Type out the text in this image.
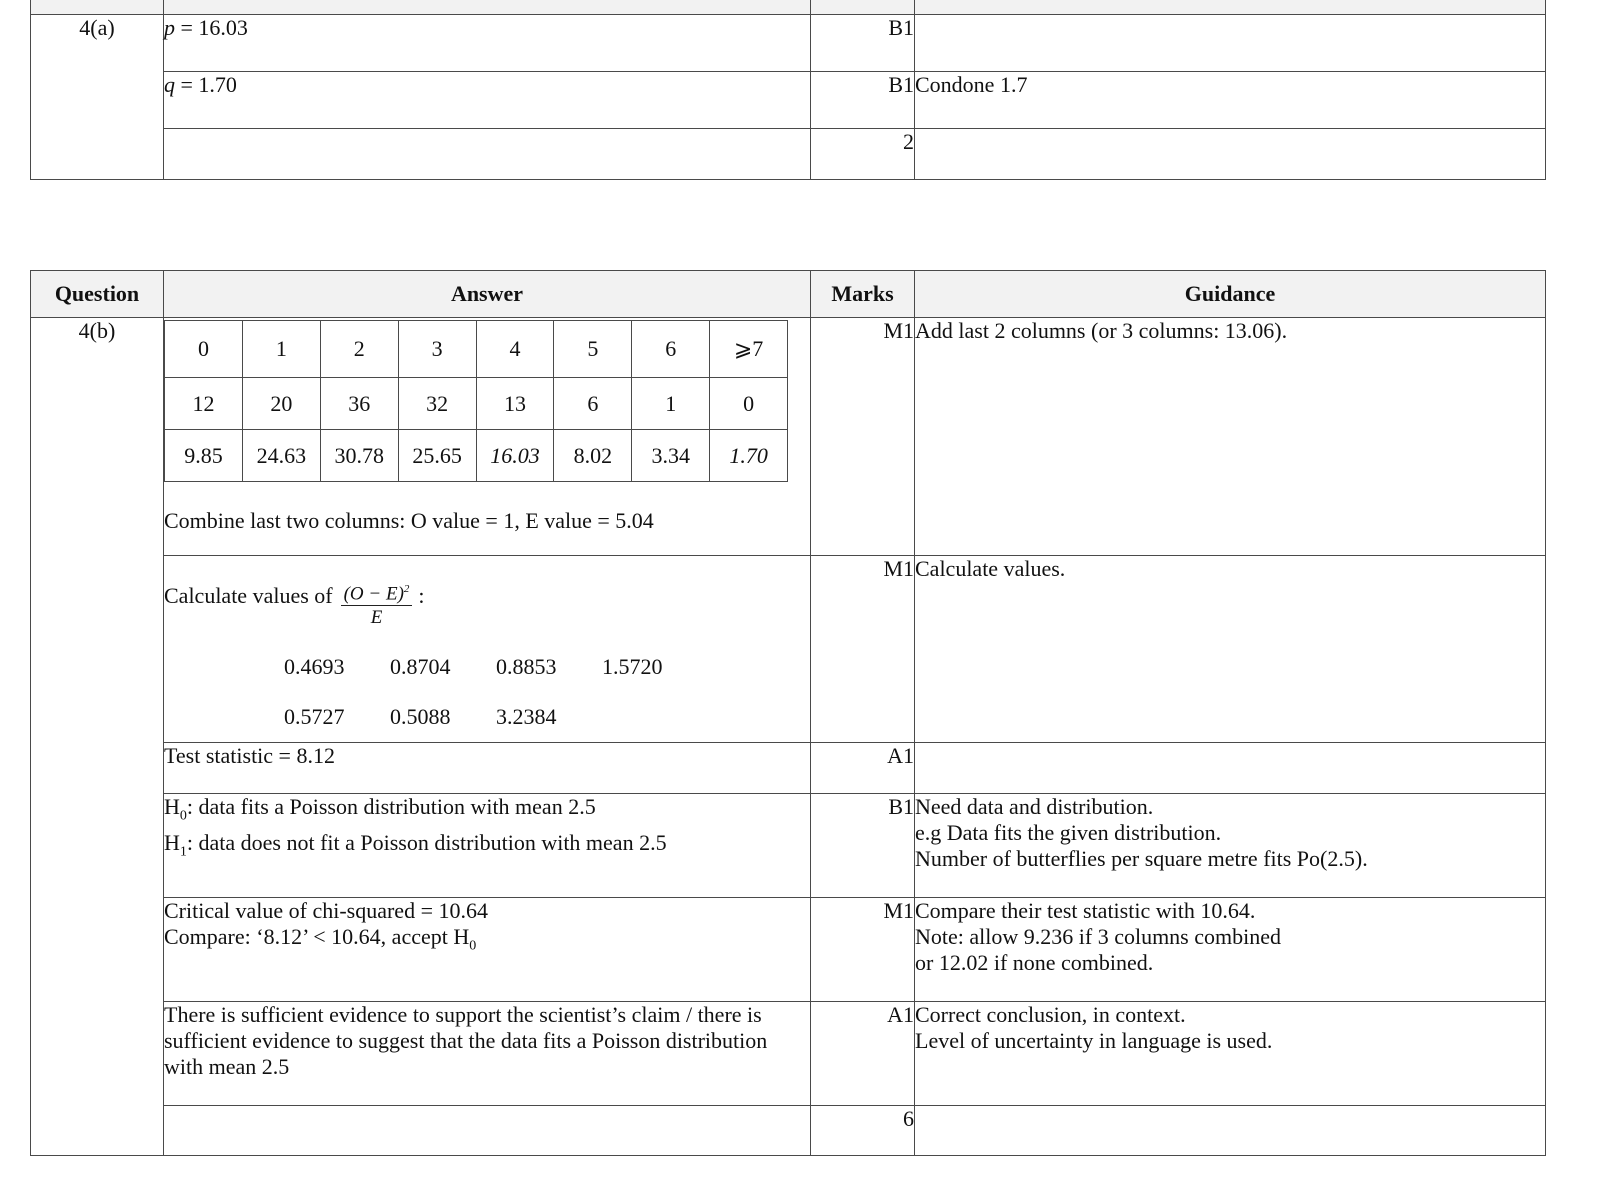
4(a)	p = 16.03	B1	
	q = 1.70	B1	Condone 1.7
		2	
Question	Answer	Marks	Guidance
4(b)	
0	1	2	3	4	5	6	⩾7
12	20	36	32	13	6	1	0
9.85	24.63	30.78	25.65	16.03	8.02	3.34	1.70
Combine last two columns: O value = 1, E value = 5.04
	M1	Add last 2 columns (or 3 columns: 13.06).

Calculate values of $\frac{(O - E)^2}{E}$ :
0.4693 0.8704 0.8853 1.5720
0.5727 0.5088 3.2384
	M1	Calculate values.
Test statistic = 8.12	A1	

$H_0$: data fits a Poisson distribution with mean 2.5
$H_1$: data does not fit a Poisson distribution with mean 2.5
	B1	Need data and distribution.
e.g Data fits the given distribution.
Number of butterflies per square metre fits Po(2.5).

Critical value of chi-squared = 10.64
Compare: ‘8.12’ < 10.64, accept $H_0$
	M1	Compare their test statistic with 10.64.
Note: allow 9.236 if 3 columns combined
or 12.02 if none combined.

There is sufficient evidence to support the scientist’s claim / there is sufficient evidence to suggest that the data fits a Poisson distribution with mean 2.5	A1	Correct conclusion, in context.
Level of uncertainty in language is used.

	6	
